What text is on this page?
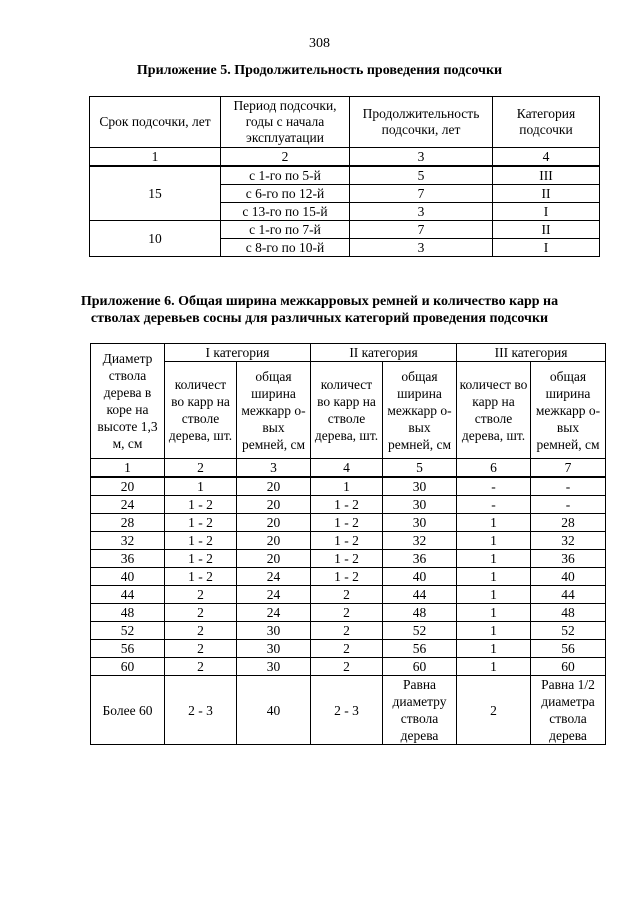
308
Приложение 5. Продолжительность проведения подсочки
Срок подсочки, лет	Период подсочки, годы с начала эксплуатации	Продолжительность подсочки, лет	Категория подсочки
1	2	3	4
15	с 1-го по 5-й	5	III
	с 6-го по 12-й	7	II
	с 13-го по 15-й	3	I
10	с 1-го по 7-й	7	II
	с 8-го по 10-й	3	I
Приложение 6. Общая ширина межкарровых ремней и количество карр на
стволах деревьев сосны для различных категорий проведения подсочки
Диаметр ствола дерева в коре на высоте 1,3 м, см	I категория		II категория		III категория	
	количест во карр на стволе дерева, шт.	общая ширина межкарр о-вых ремней, см	количест во карр на стволе дерева, шт.	общая ширина межкарр о-вых ремней, см	количест во карр на стволе дерева, шт.	общая ширина межкарр о-вых ремней, см
1	2	3	4	5	6	7
20	1	20	1	30	-	-
24	1 - 2	20	1 - 2	30	-	-
28	1 - 2	20	1 - 2	30	1	28
32	1 - 2	20	1 - 2	32	1	32
36	1 - 2	20	1 - 2	36	1	36
40	1 - 2	24	1 - 2	40	1	40
44	2	24	2	44	1	44
48	2	24	2	48	1	48
52	2	30	2	52	1	52
56	2	30	2	56	1	56
60	2	30	2	60	1	60
Более 60	2 - 3	40	2 - 3	Равна диаметру ствола дерева	2	Равна 1/2 диаметра ствола дерева
